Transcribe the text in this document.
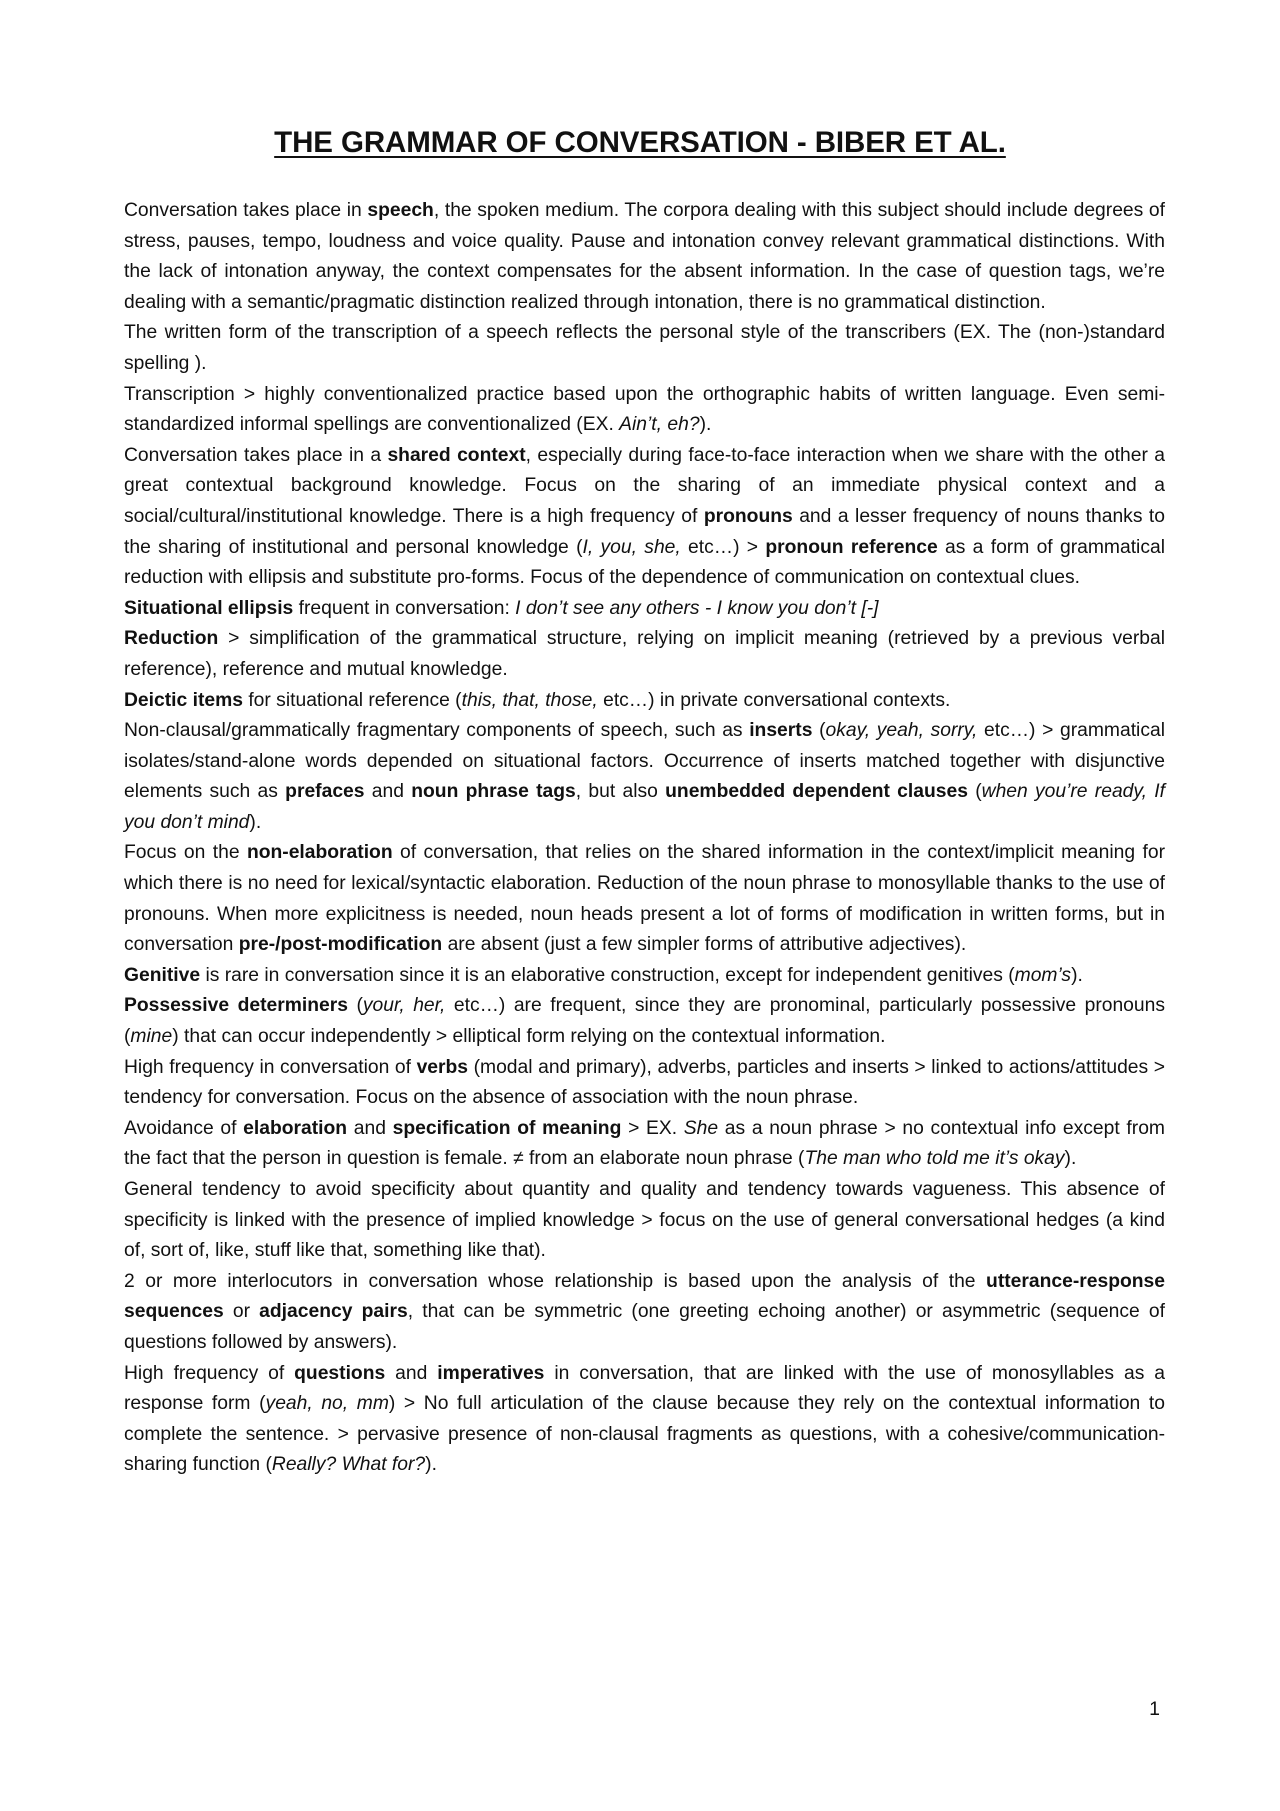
THE GRAMMAR OF CONVERSATION - BIBER ET AL.

Conversation takes place in speech, the spoken medium. The corpora dealing with this subject should include degrees of stress, pauses, tempo, loudness and voice quality. Pause and intonation convey relevant grammatical distinctions. With the lack of intonation anyway, the context compensates for the absent information. In the case of question tags, we’re dealing with a semantic/pragmatic distinction realized through intonation, there is no grammatical distinction.

The written form of the transcription of a speech reflects the personal style of the transcribers (EX. The (non-)standard spelling ).

Transcription > highly conventionalized practice based upon the orthographic habits of written language. Even semi-standardized informal spellings are conventionalized (EX. Ain’t, eh?).

Conversation takes place in a shared context, especially during face-to-face interaction when we share with the other a great contextual background knowledge. Focus on the sharing of an immediate physical context and a social/cultural/institutional knowledge. There is a high frequency of pronouns and a lesser frequency of nouns thanks to the sharing of institutional and personal knowledge (I, you, she, etc…) > pronoun reference as a form of grammatical reduction with ellipsis and substitute pro-forms. Focus of the dependence of communication on contextual clues.

Situational ellipsis frequent in conversation: I don’t see any others - I know you don’t [-]

Reduction > simplification of the grammatical structure, relying on implicit meaning (retrieved by a previous verbal reference), reference and mutual knowledge.

Deictic items for situational reference (this, that, those, etc…) in private conversational contexts.

Non-clausal/grammatically fragmentary components of speech, such as inserts (okay, yeah, sorry, etc…) > grammatical isolates/stand-alone words depended on situational factors. Occurrence of inserts matched together with disjunctive elements such as prefaces and noun phrase tags, but also unembedded dependent clauses (when you’re ready, If you don’t mind).

Focus on the non-elaboration of conversation, that relies on the shared information in the context/implicit meaning for which there is no need for lexical/syntactic elaboration. Reduction of the noun phrase to monosyllable thanks to the use of pronouns. When more explicitness is needed, noun heads present a lot of forms of modification in written forms, but in conversation pre-/post-modification are absent (just a few simpler forms of attributive adjectives).

Genitive is rare in conversation since it is an elaborative construction, except for independent genitives (mom’s).

Possessive determiners (your, her, etc…) are frequent, since they are pronominal, particularly possessive pronouns (mine) that can occur independently > elliptical form relying on the contextual information.

High frequency in conversation of verbs (modal and primary), adverbs, particles and inserts > linked to actions/attitudes > tendency for conversation. Focus on the absence of association with the noun phrase.

Avoidance of elaboration and specification of meaning > EX. She as a noun phrase > no contextual info except from the fact that the person in question is female. ≠ from an elaborate noun phrase (The man who told me it’s okay).

General tendency to avoid specificity about quantity and quality and tendency towards vagueness. This absence of specificity is linked with the presence of implied knowledge > focus on the use of general conversational hedges (a kind of, sort of, like, stuff like that, something like that).

2 or more interlocutors in conversation whose relationship is based upon the analysis of the utterance-response sequences or adjacency pairs, that can be symmetric (one greeting echoing another) or asymmetric (sequence of questions followed by answers).

High frequency of questions and imperatives in conversation, that are linked with the use of monosyllables as a response form (yeah, no, mm) > No full articulation of the clause because they rely on the contextual information to complete the sentence. > pervasive presence of non-clausal fragments as questions, with a cohesive/communication-sharing function (Really? What for?).

1
